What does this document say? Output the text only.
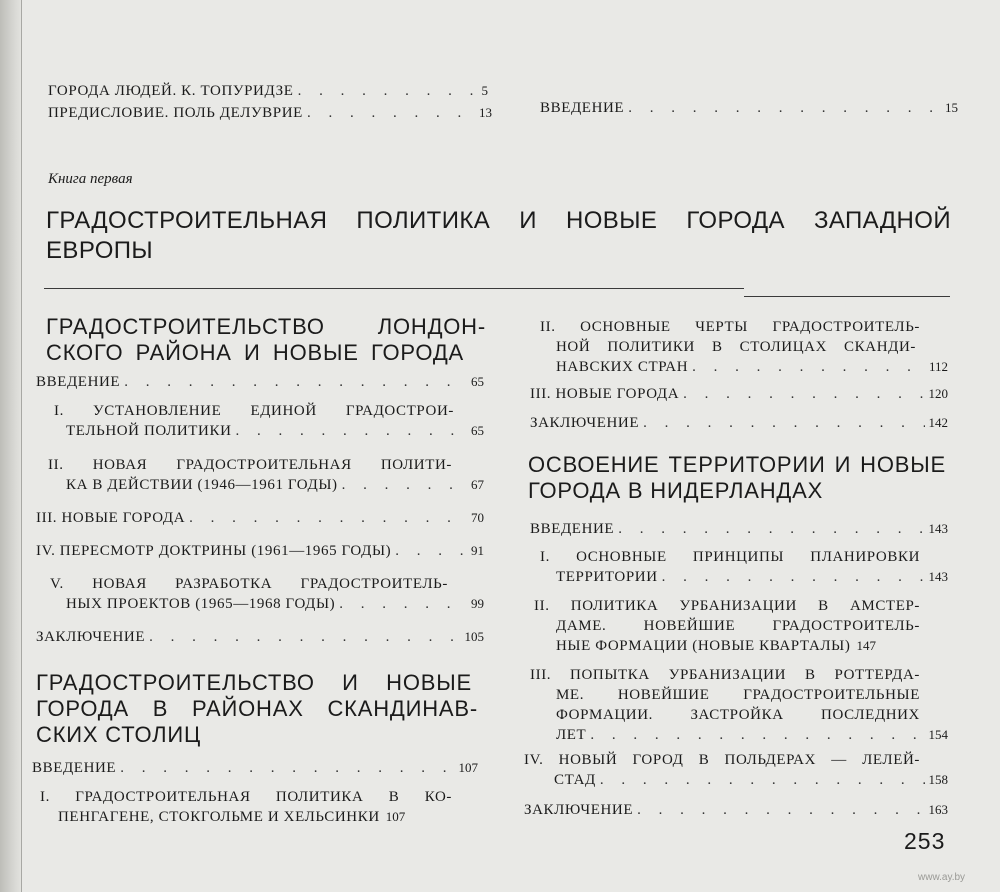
ГОРОДА ЛЮДЕЙ. К. ТОПУРИДЗЕ . . .	5
ПРЕДИСЛОВИЕ. ПОЛЬ ДЕЛУВРИЕ . . .	13	ВВЕДЕНИЕ . . .	15
Книга первая
ГРАДОСТРОИТЕЛЬНАЯ ПОЛИТИКА И НОВЫЕ ГОРОДА ЗАПАДНОЙ
ЕВРОПЫ
ГРАДОСТРОИТЕЛЬСТВО ЛОНДОН-
СКОГО РАЙОНА И НОВЫЕ ГОРОДА
ВВЕДЕНИЕ . . .	65
I. УСТАНОВЛЕНИЕ ЕДИНОЙ ГРАДОСТРОИ-
ТЕЛЬНОЙ ПОЛИТИКИ . . .	65
II. НОВАЯ ГРАДОСТРОИТЕЛЬНАЯ ПОЛИТИ-
КА В ДЕЙСТВИИ (1946—1961 ГОДЫ) . . .	67
III. НОВЫЕ ГОРОДА . . .	70
IV. ПЕРЕСМОТР ДОКТРИНЫ (1961—1965 ГОДЫ) . . .	91
V. НОВАЯ РАЗРАБОТКА ГРАДОСТРОИТЕЛЬ-
НЫХ ПРОЕКТОВ (1965—1968 ГОДЫ) . . .	99
ЗАКЛЮЧЕНИЕ . . .	105
ГРАДОСТРОИТЕЛЬСТВО И НОВЫЕ
ГОРОДА В РАЙОНАХ СКАНДИНАВ-
СКИХ СТОЛИЦ
ВВЕДЕНИЕ . . .	107
I. ГРАДОСТРОИТЕЛЬНАЯ ПОЛИТИКА В КО-
ПЕНГАГЕНЕ, СТОКГОЛЬМЕ И ХЕЛЬСИНКИ 107
II. ОСНОВНЫЕ ЧЕРТЫ ГРАДОСТРОИТЕЛЬ-
НОЙ ПОЛИТИКИ В СТОЛИЦАХ СКАНДИ-
НАВСКИХ СТРАН . . .	112
III. НОВЫЕ ГОРОДА . . .	120
ЗАКЛЮЧЕНИЕ . . .	142
ОСВОЕНИЕ ТЕРРИТОРИИ И НОВЫЕ
ГОРОДА В НИДЕРЛАНДАХ
ВВЕДЕНИЕ . . .	143
I. ОСНОВНЫЕ ПРИНЦИПЫ ПЛАНИРОВКИ
ТЕРРИТОРИИ . . .	143
II. ПОЛИТИКА УРБАНИЗАЦИИ В АМСТЕР-
ДАМЕ. НОВЕЙШИЕ ГРАДОСТРОИТЕЛЬ-
НЫЕ ФОРМАЦИИ (НОВЫЕ КВАРТАЛЫ) 147
III. ПОПЫТКА УРБАНИЗАЦИИ В РОТТЕРДА-
МЕ. НОВЕЙШИЕ ГРАДОСТРОИТЕЛЬНЫЕ
ФОРМАЦИИ. ЗАСТРОЙКА ПОСЛЕДНИХ
ЛЕТ . . .	154
IV. НОВЫЙ ГОРОД В ПОЛЬДЕРАХ — ЛЕЛЕЙ-
СТАД . . .	158
ЗАКЛЮЧЕНИЕ . . .	163
253
www.ay.by
